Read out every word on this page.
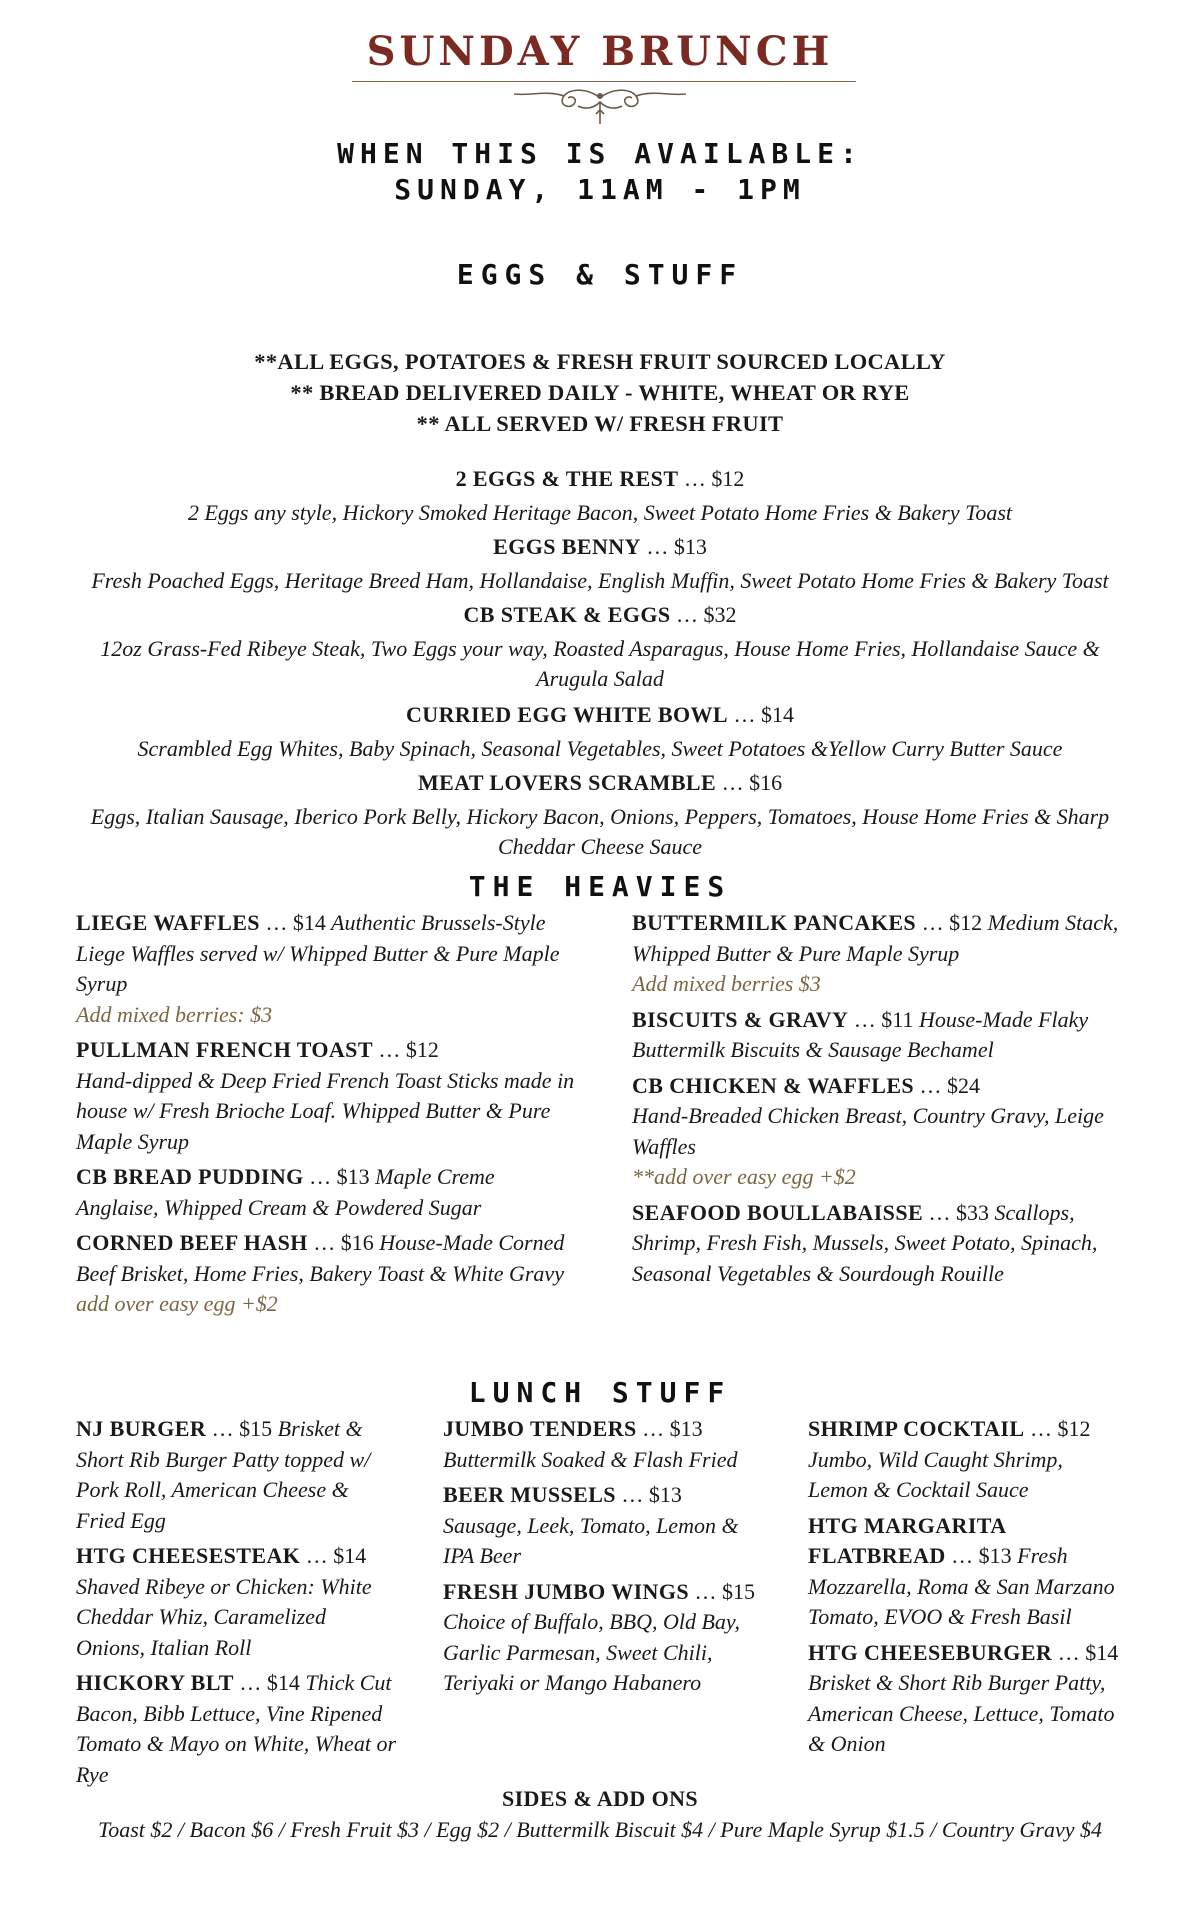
SUNDAY BRUNCH
WHEN THIS IS AVAILABLE:
SUNDAY, 11AM - 1PM
EGGS & STUFF
**ALL EGGS, POTATOES & FRESH FRUIT SOURCED LOCALLY
** BREAD DELIVERED DAILY - WHITE, WHEAT OR RYE
** ALL SERVED W/ FRESH FRUIT
2 EGGS & THE REST … $12
2 Eggs any style, Hickory Smoked Heritage Bacon, Sweet Potato Home Fries & Bakery Toast
EGGS BENNY … $13
Fresh Poached Eggs, Heritage Breed Ham, Hollandaise, English Muffin, Sweet Potato Home Fries & Bakery Toast
CB STEAK & EGGS … $32
12oz Grass-Fed Ribeye Steak, Two Eggs your way, Roasted Asparagus, House Home Fries, Hollandaise Sauce & Arugula Salad
CURRIED EGG WHITE BOWL … $14
Scrambled Egg Whites, Baby Spinach, Seasonal Vegetables, Sweet Potatoes &Yellow Curry Butter Sauce
MEAT LOVERS SCRAMBLE … $16
Eggs, Italian Sausage, Iberico Pork Belly, Hickory Bacon, Onions, Peppers, Tomatoes, House Home Fries & Sharp Cheddar Cheese Sauce
THE HEAVIES
LIEGE WAFFLES … $14 Authentic Brussels-Style Liege Waffles served w/ Whipped Butter & Pure Maple Syrup
Add mixed berries: $3
PULLMAN FRENCH TOAST … $12
Hand-dipped & Deep Fried French Toast Sticks made in house w/ Fresh Brioche Loaf. Whipped Butter & Pure Maple Syrup
CB BREAD PUDDING … $13 Maple Creme Anglaise, Whipped Cream & Powdered Sugar
CORNED BEEF HASH … $16 House-Made Corned Beef Brisket, Home Fries, Bakery Toast & White Gravy
add over easy egg +$2
BUTTERMILK PANCAKES … $12 Medium Stack, Whipped Butter & Pure Maple Syrup
Add mixed berries $3
BISCUITS & GRAVY … $11 House-Made Flaky Buttermilk Biscuits & Sausage Bechamel
CB CHICKEN & WAFFLES … $24
Hand-Breaded Chicken Breast, Country Gravy, Leige Waffles
**add over easy egg +$2
SEAFOOD BOULLABAISSE … $33 Scallops, Shrimp, Fresh Fish, Mussels, Sweet Potato, Spinach, Seasonal Vegetables & Sourdough Rouille
LUNCH STUFF
NJ BURGER … $15 Brisket & Short Rib Burger Patty topped w/ Pork Roll, American Cheese & Fried Egg
HTG CHEESESTEAK … $14
Shaved Ribeye or Chicken: White Cheddar Whiz, Caramelized Onions, Italian Roll
HICKORY BLT … $14 Thick Cut Bacon, Bibb Lettuce, Vine Ripened Tomato & Mayo on White, Wheat or Rye
JUMBO TENDERS … $13
Buttermilk Soaked & Flash Fried
BEER MUSSELS … $13
Sausage, Leek, Tomato, Lemon & IPA Beer
FRESH JUMBO WINGS … $15 Choice of Buffalo, BBQ, Old Bay, Garlic Parmesan, Sweet Chili, Teriyaki or Mango Habanero
SHRIMP COCKTAIL … $12
Jumbo, Wild Caught Shrimp, Lemon & Cocktail Sauce
HTG MARGARITA FLATBREAD … $13 Fresh Mozzarella, Roma & San Marzano Tomato, EVOO & Fresh Basil
HTG CHEESEBURGER … $14 Brisket & Short Rib Burger Patty, American Cheese, Lettuce, Tomato & Onion
SIDES & ADD ONS
Toast $2 / Bacon $6 / Fresh Fruit $3 / Egg $2 / Buttermilk Biscuit $4 / Pure Maple Syrup $1.5 / Country Gravy $4
